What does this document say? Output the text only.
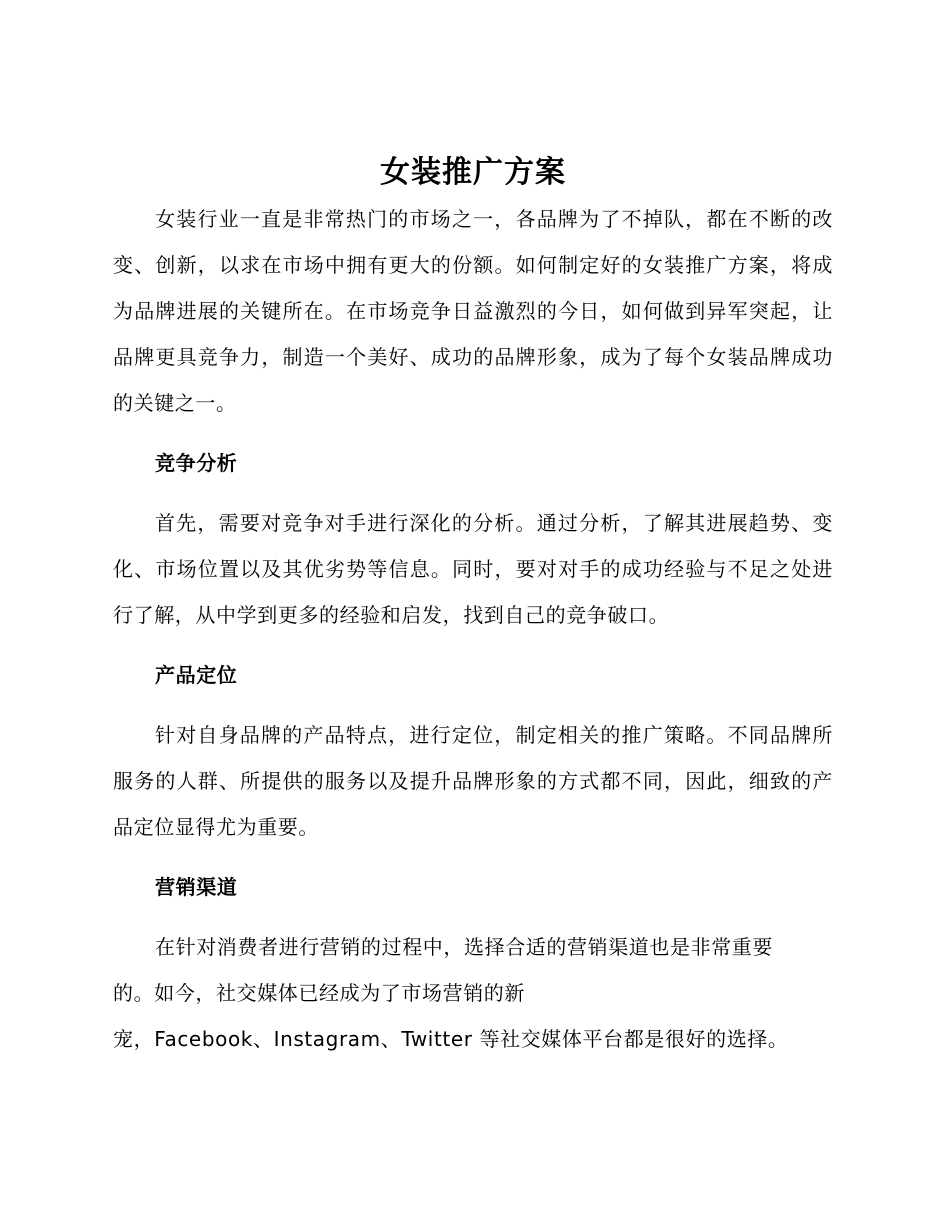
女装推广方案

女装行业一直是非常热门的市场之一，各品牌为了不掉队，都在不断的改变、创新，以求在市场中拥有更大的份额。如何制定好的女装推广方案，将成为品牌进展的关键所在。在市场竞争日益激烈的今日，如何做到异军突起，让品牌更具竞争力，制造一个美好、成功的品牌形象，成为了每个女装品牌成功的关键之一。

竞争分析

首先，需要对竞争对手进行深化的分析。通过分析，了解其进展趋势、变化、市场位置以及其优劣势等信息。同时，要对对手的成功经验与不足之处进行了解，从中学到更多的经验和启发，找到自己的竞争破口。

产品定位

针对自身品牌的产品特点，进行定位，制定相关的推广策略。不同品牌所服务的人群、所提供的服务以及提升品牌形象的方式都不同，因此，细致的产品定位显得尤为重要。

营销渠道
在针对消费者进行营销的过程中，选择合适的营销渠道也是非常重要
的。如今，社交媒体已经成为了市场营销的新
宠，Facebook、Instagram、Twitter 等社交媒体平台都是很好的选择。
